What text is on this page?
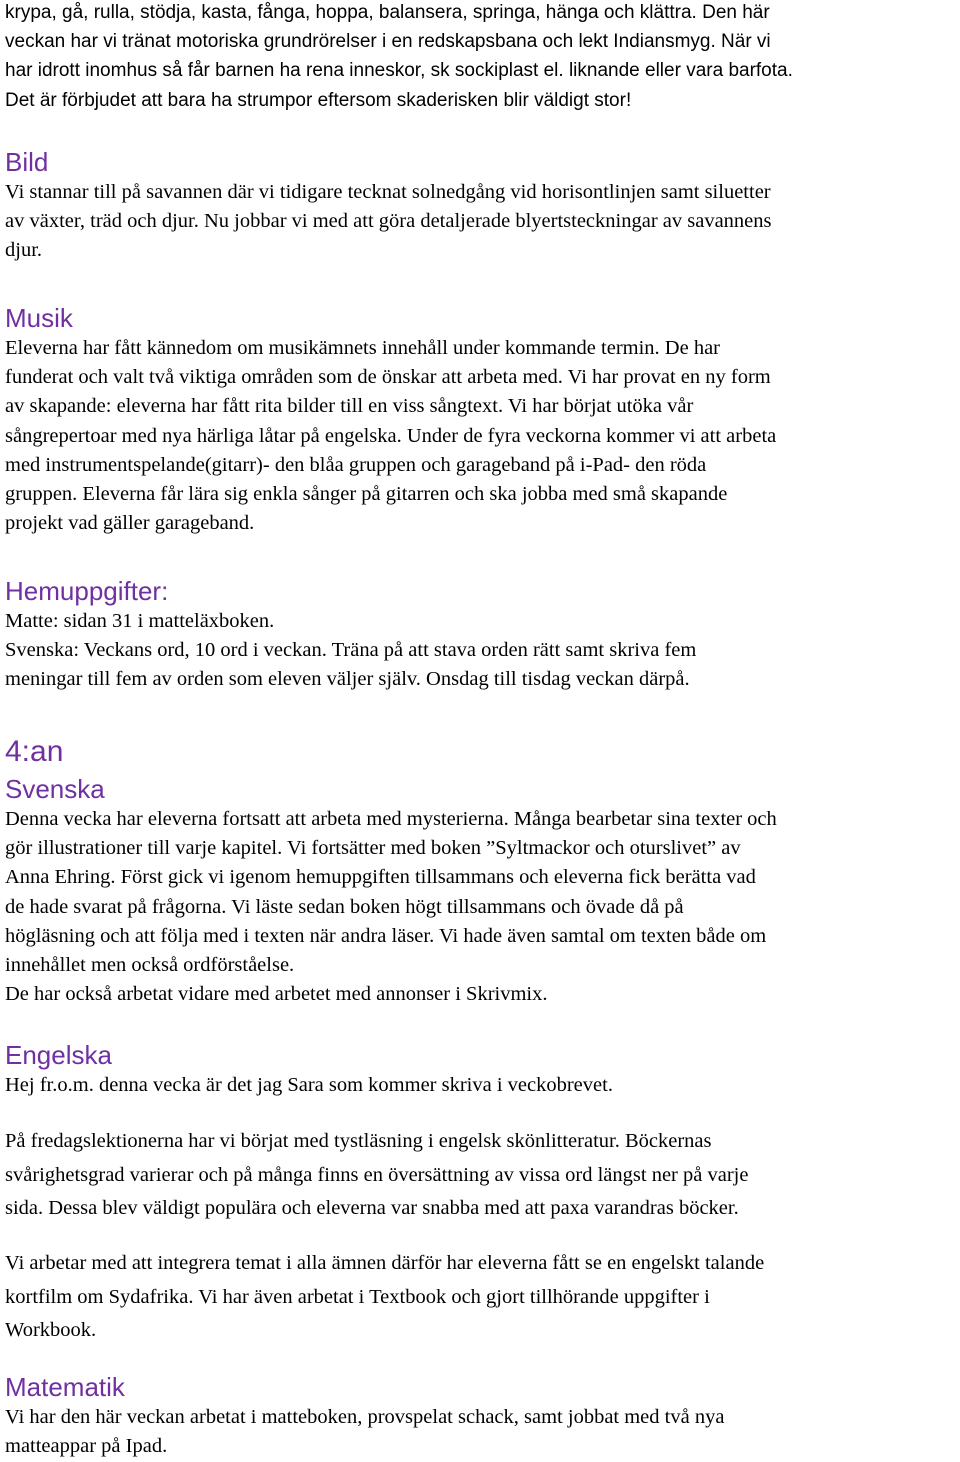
krypa, gå, rulla, stödja, kasta, fånga, hoppa, balansera, springa, hänga och klättra. Den här

veckan har vi tränat motoriska grundrörelser i en redskapsbana och lekt Indiansmyg. När vi

har idrott inomhus så får barnen ha rena inneskor, sk sockiplast el. liknande eller vara barfota.

Det är förbjudet att bara ha strumpor eftersom skaderisken blir väldigt stor!

Bild

Vi stannar till på savannen där vi tidigare tecknat solnedgång vid horisontlinjen samt siluetter

av växter, träd och djur. Nu jobbar vi med att göra detaljerade blyertsteckningar av savannens

djur.

Musik

Eleverna har fått kännedom om musikämnets innehåll under kommande termin. De har

funderat och valt två viktiga områden som de önskar att arbeta med. Vi har provat en ny form

av skapande: eleverna har fått rita bilder till en viss sångtext. Vi har börjat utöka vår

sångrepertoar med nya härliga låtar på engelska. Under de fyra veckorna kommer vi att arbeta

med instrumentspelande(gitarr)- den blåa gruppen och garageband på i-Pad- den röda

gruppen. Eleverna får lära sig enkla sånger på gitarren och ska jobba med små skapande

projekt vad gäller garageband.

Hemuppgifter:

Matte: sidan 31 i matteläxboken.

Svenska: Veckans ord, 10 ord i veckan. Träna på att stava orden rätt samt skriva fem

meningar till fem av orden som eleven väljer själv. Onsdag till tisdag veckan därpå.

4:an
Svenska

Denna vecka har eleverna fortsatt att arbeta med mysterierna. Många bearbetar sina texter och

gör illustrationer till varje kapitel. Vi fortsätter med boken ”Syltmackor och oturslivet” av

Anna Ehring. Först gick vi igenom hemuppgiften tillsammans och eleverna fick berätta vad

de hade svarat på frågorna. Vi läste sedan boken högt tillsammans och övade då på

högläsning och att följa med i texten när andra läser. Vi hade även samtal om texten både om

innehållet men också ordförståelse.

De har också arbetat vidare med arbetet med annonser i Skrivmix.

Engelska

Hej fr.o.m. denna vecka är det jag Sara som kommer skriva i veckobrevet.

På fredagslektionerna har vi börjat med tystläsning i engelsk skönlitteratur. Böckernas

svårighetsgrad varierar och på många finns en översättning av vissa ord längst ner på varje

sida. Dessa blev väldigt populära och eleverna var snabba med att paxa varandras böcker.

Vi arbetar med att integrera temat i alla ämnen därför har eleverna fått se en engelskt talande

kortfilm om Sydafrika. Vi har även arbetat i Textbook och gjort tillhörande uppgifter i

Workbook.

Matematik

Vi har den här veckan arbetat i matteboken, provspelat schack, samt jobbat med två nya

matteappar på Ipad.
